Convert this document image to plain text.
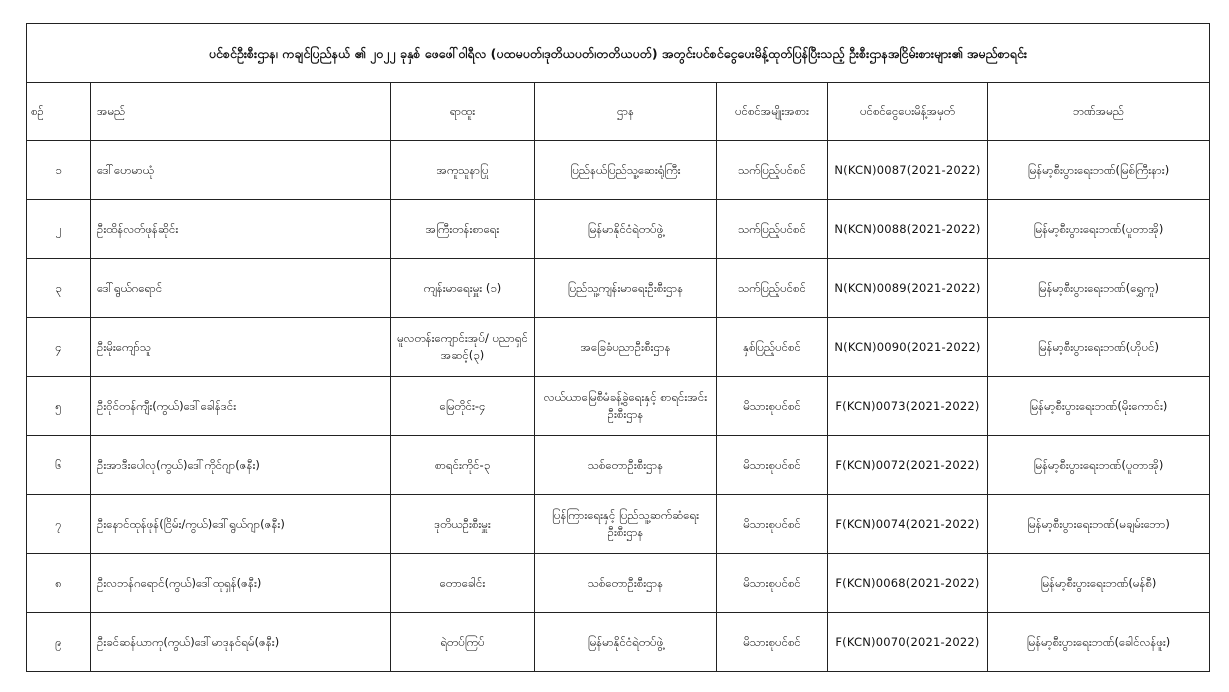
ပင်စင်ဦးစီးဌာန၊ ကချင်ပြည်နယ် ၏ ၂၀၂၂ ခုနှစ် ဖေဖေါ်ဝါရီလ (ပထမပတ်၊ဒုတိယပတ်၊တတိယပတ်) အတွင်းပင်စင်ငွေပေးမိန့်ထုတ်ပြန်ပြီးသည့် ဦးစီးဌာနအငြိမ်းစားများ၏ အမည်စာရင်း						
စဉ်	အမည်	ရာထူး	ဌာန	ပင်စင်အမျိုးအစား	ပင်စင်ငွေပေးမိန့်အမှတ်	ဘဏ်အမည်
၁	ဒေါ်ဟေမာယုံ	အကူသူနာပြု	ပြည်နယ်ပြည်သူ့ဆေးရုံကြီး	သက်ပြည့်ပင်စင်	N(KCN)0087(2021-2022)	မြန်မာ့စီးပွားရေးဘဏ်(မြစ်ကြီးနား)
၂	ဦးထိန်လတ်ဖုန်ဆိုင်း	အကြီးတန်းစာရေး	မြန်မာနိုင်ငံရဲတပ်ဖွဲ့	သက်ပြည့်ပင်စင်	N(KCN)0088(2021-2022)	မြန်မာ့စီးပွားရေးဘဏ်(ပူတာအို)
၃	ဒေါ်ရွယ်ဂရောင်	ကျန်းမာရေးမှူး (၁)	ပြည်သူ့ကျန်းမာရေးဦးစီးဌာန	သက်ပြည့်ပင်စင်	N(KCN)0089(2021-2022)	မြန်မာ့စီးပွားရေးဘဏ်(ရွှေကူ)
၄	ဦးမိုးကျော်သူ	မူလတန်းကျောင်းအုပ်/ ပညာရှင်အဆင့်(၃)	အခြေခံပညာဦးစီးဌာန	နှစ်ပြည့်ပင်စင်	N(KCN)0090(2021-2022)	မြန်မာ့စီးပွားရေးဘဏ်(ဟိုပင်)
၅	ဦးဝိုင်တန်ကျီး(ကွယ်)ဒေါ်ခေါန်ဒင်း	မြေတိုင်း-၄	လယ်ယာမြေစီမံခန့်ခွဲရေးနှင့် စာရင်းအင်းဦးစီးဌာန	မိသားစုပင်စင်	F(KCN)0073(2021-2022)	မြန်မာ့စီးပွားရေးဘဏ်(မိုးကောင်း)
၆	ဦးအာဒီးပေါလု(ကွယ်)ဒေါ်ကိုင်ဂျာ(ဇနီး)	စာရင်းကိုင်-၃	သစ်တောဦးစီးဌာန	မိသားစုပင်စင်	F(KCN)0072(2021-2022)	မြန်မာ့စီးပွားရေးဘဏ်(ပူတာအို)
၇	ဦးနောင်ထုန်ဖုန်(ငြိမ်း/ကွယ်)ဒေါ်ရွယ်ဂျာ(ဇနီး)	ဒုတိယဦးစီးမှူး	ပြန်ကြားရေးနှင့် ပြည်သူ့ဆက်ဆံရေးဦးစီးဌာန	မိသားစုပင်စင်	F(KCN)0074(2021-2022)	မြန်မာ့စီးပွားရေးဘဏ်(မချမ်းဘော)
၈	ဦးလဘန်ဂရောင်(ကွယ်)ဒေါ်ထုရှန်(ဇနီး)	တောခေါင်း	သစ်တောဦးစီးဌာန	မိသားစုပင်စင်	F(KCN)0068(2021-2022)	မြန်မာ့စီးပွားရေးဘဏ်(မန်စီ)
၉	ဦးခင်ဆန်ယာကု(ကွယ်)ဒေါ်မာဒုနင်ရမ်(ဇနီး)	ရဲတပ်ကြပ်	မြန်မာနိုင်ငံရဲတပ်ဖွဲ့	မိသားစုပင်စင်	F(KCN)0070(2021-2022)	မြန်မာ့စီးပွားရေးဘဏ်(ခေါင်လန်ဖူး)
